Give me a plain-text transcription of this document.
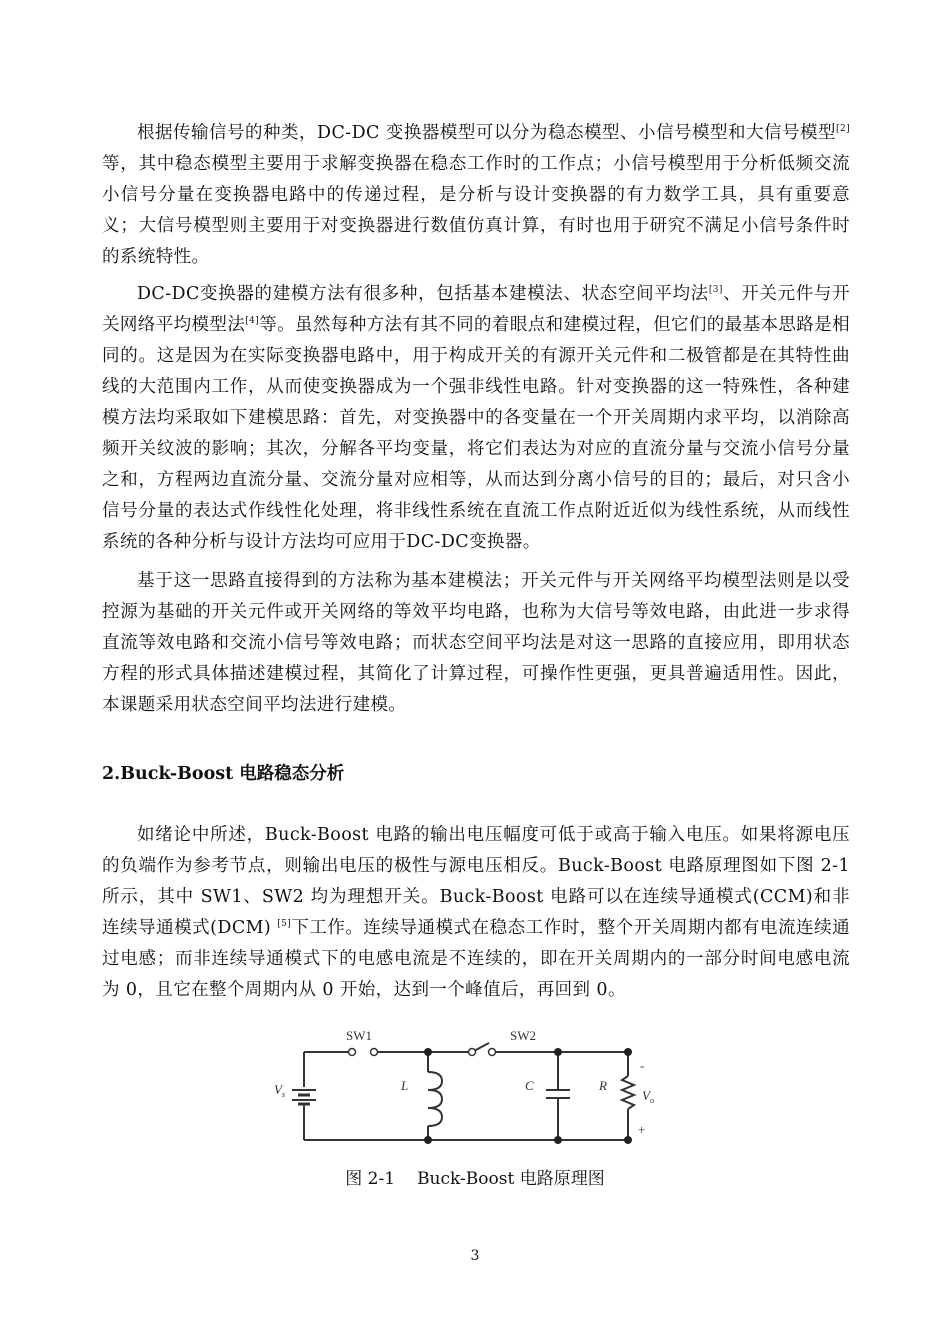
根据传输信号的种类，DC-DC 变换器模型可以分为稳态模型、小信号模型和大信号模型[2]等，其中稳态模型主要用于求解变换器在稳态工作时的工作点；小信号模型用于分析低频交流小信号分量在变换器电路中的传递过程，是分析与设计变换器的有力数学工具，具有重要意义；大信号模型则主要用于对变换器进行数值仿真计算，有时也用于研究不满足小信号条件时的系统特性。

DC-DC变换器的建模方法有很多种，包括基本建模法、状态空间平均法[3]、开关元件与开关网络平均模型法[4]等。虽然每种方法有其不同的着眼点和建模过程，但它们的最基本思路是相同的。这是因为在实际变换器电路中，用于构成开关的有源开关元件和二极管都是在其特性曲线的大范围内工作，从而使变换器成为一个强非线性电路。针对变换器的这一特殊性，各种建模方法均采取如下建模思路：首先，对变换器中的各变量在一个开关周期内求平均，以消除高频开关纹波的影响；其次，分解各平均变量，将它们表达为对应的直流分量与交流小信号分量之和，方程两边直流分量、交流分量对应相等，从而达到分离小信号的目的；最后，对只含小信号分量的表达式作线性化处理，将非线性系统在直流工作点附近近似为线性系统，从而线性系统的各种分析与设计方法均可应用于DC-DC变换器。

基于这一思路直接得到的方法称为基本建模法；开关元件与开关网络平均模型法则是以受控源为基础的开关元件或开关网络的等效平均电路，也称为大信号等效电路，由此进一步求得直流等效电路和交流小信号等效电路；而状态空间平均法是对这一思路的直接应用，即用状态方程的形式具体描述建模过程，其简化了计算过程，可操作性更强，更具普遍适用性。因此，本课题采用状态空间平均法进行建模。

2.Buck-Boost 电路稳态分析

如绪论中所述，Buck-Boost 电路的输出电压幅度可低于或高于输入电压。如果将源电压的负端作为参考节点，则输出电压的极性与源电压相反。Buck-Boost 电路原理图如下图 2-1 所示，其中 SW1、SW2 均为理想开关。Buck-Boost 电路可以在连续导通模式(CCM)和非连续导通模式(DCM) [5]下工作。连续导通模式在稳态工作时，整个开关周期内都有电流连续通过电感；而非连续导通模式下的电感电流是不连续的，即在开关周期内的一部分时间电感电流为 0，且它在整个周期内从 0 开始，达到一个峰值后，再回到 0。

SW1	SW2
$V_s$
L	C	R
$V_o$
-
+
图 2-1 Buck-Boost 电路原理图
3
